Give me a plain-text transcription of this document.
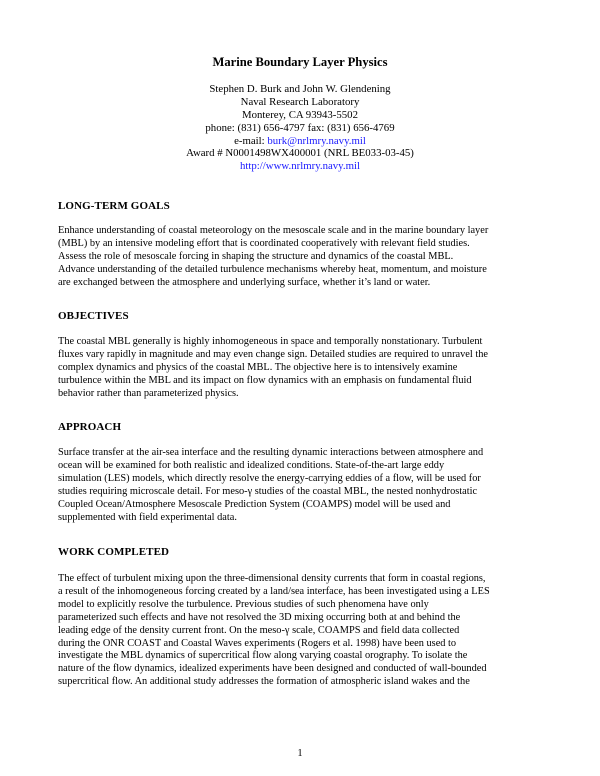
Marine Boundary Layer Physics
Stephen D. Burk and John W. Glendening
Naval Research Laboratory
Monterey, CA 93943-5502
phone: (831) 656-4797 fax: (831) 656-4769
e-mail: burk@nrlmry.navy.mil
Award # N0001498WX400001 (NRL BE033-03-45)
http://www.nrlmry.navy.mil
LONG-TERM GOALS
Enhance understanding of coastal meteorology on the mesoscale scale and in the marine boundary layer
(MBL) by an intensive modeling effort that is coordinated cooperatively with relevant field studies.
Assess the role of mesoscale forcing in shaping the structure and dynamics of the coastal MBL.
Advance understanding of the detailed turbulence mechanisms whereby heat, momentum, and moisture
are exchanged between the atmosphere and underlying surface, whether it’s land or water.
OBJECTIVES
The coastal MBL generally is highly inhomogeneous in space and temporally nonstationary. Turbulent
fluxes vary rapidly in magnitude and may even change sign. Detailed studies are required to unravel the
complex dynamics and physics of the coastal MBL. The objective here is to intensively examine
turbulence within the MBL and its impact on flow dynamics with an emphasis on fundamental fluid
behavior rather than parameterized physics.
APPROACH
Surface transfer at the air-sea interface and the resulting dynamic interactions between atmosphere and
ocean will be examined for both realistic and idealized conditions. State-of-the-art large eddy
simulation (LES) models, which directly resolve the energy-carrying eddies of a flow, will be used for
studies requiring microscale detail. For meso-γ studies of the coastal MBL, the nested nonhydrostatic
Coupled Ocean/Atmosphere Mesoscale Prediction System (COAMPS) model will be used and
supplemented with field experimental data.
WORK COMPLETED
The effect of turbulent mixing upon the three-dimensional density currents that form in coastal regions,
a result of the inhomogeneous forcing created by a land/sea interface, has been investigated using a LES
model to explicitly resolve the turbulence. Previous studies of such phenomena have only
parameterized such effects and have not resolved the 3D mixing occurring both at and behind the
leading edge of the density current front. On the meso-γ scale, COAMPS and field data collected
during the ONR COAST and Coastal Waves experiments (Rogers et al. 1998) have been used to
investigate the MBL dynamics of supercritical flow along varying coastal orography. To isolate the
nature of the flow dynamics, idealized experiments have been designed and conducted of wall-bounded
supercritical flow. An additional study addresses the formation of atmospheric island wakes and the
1
